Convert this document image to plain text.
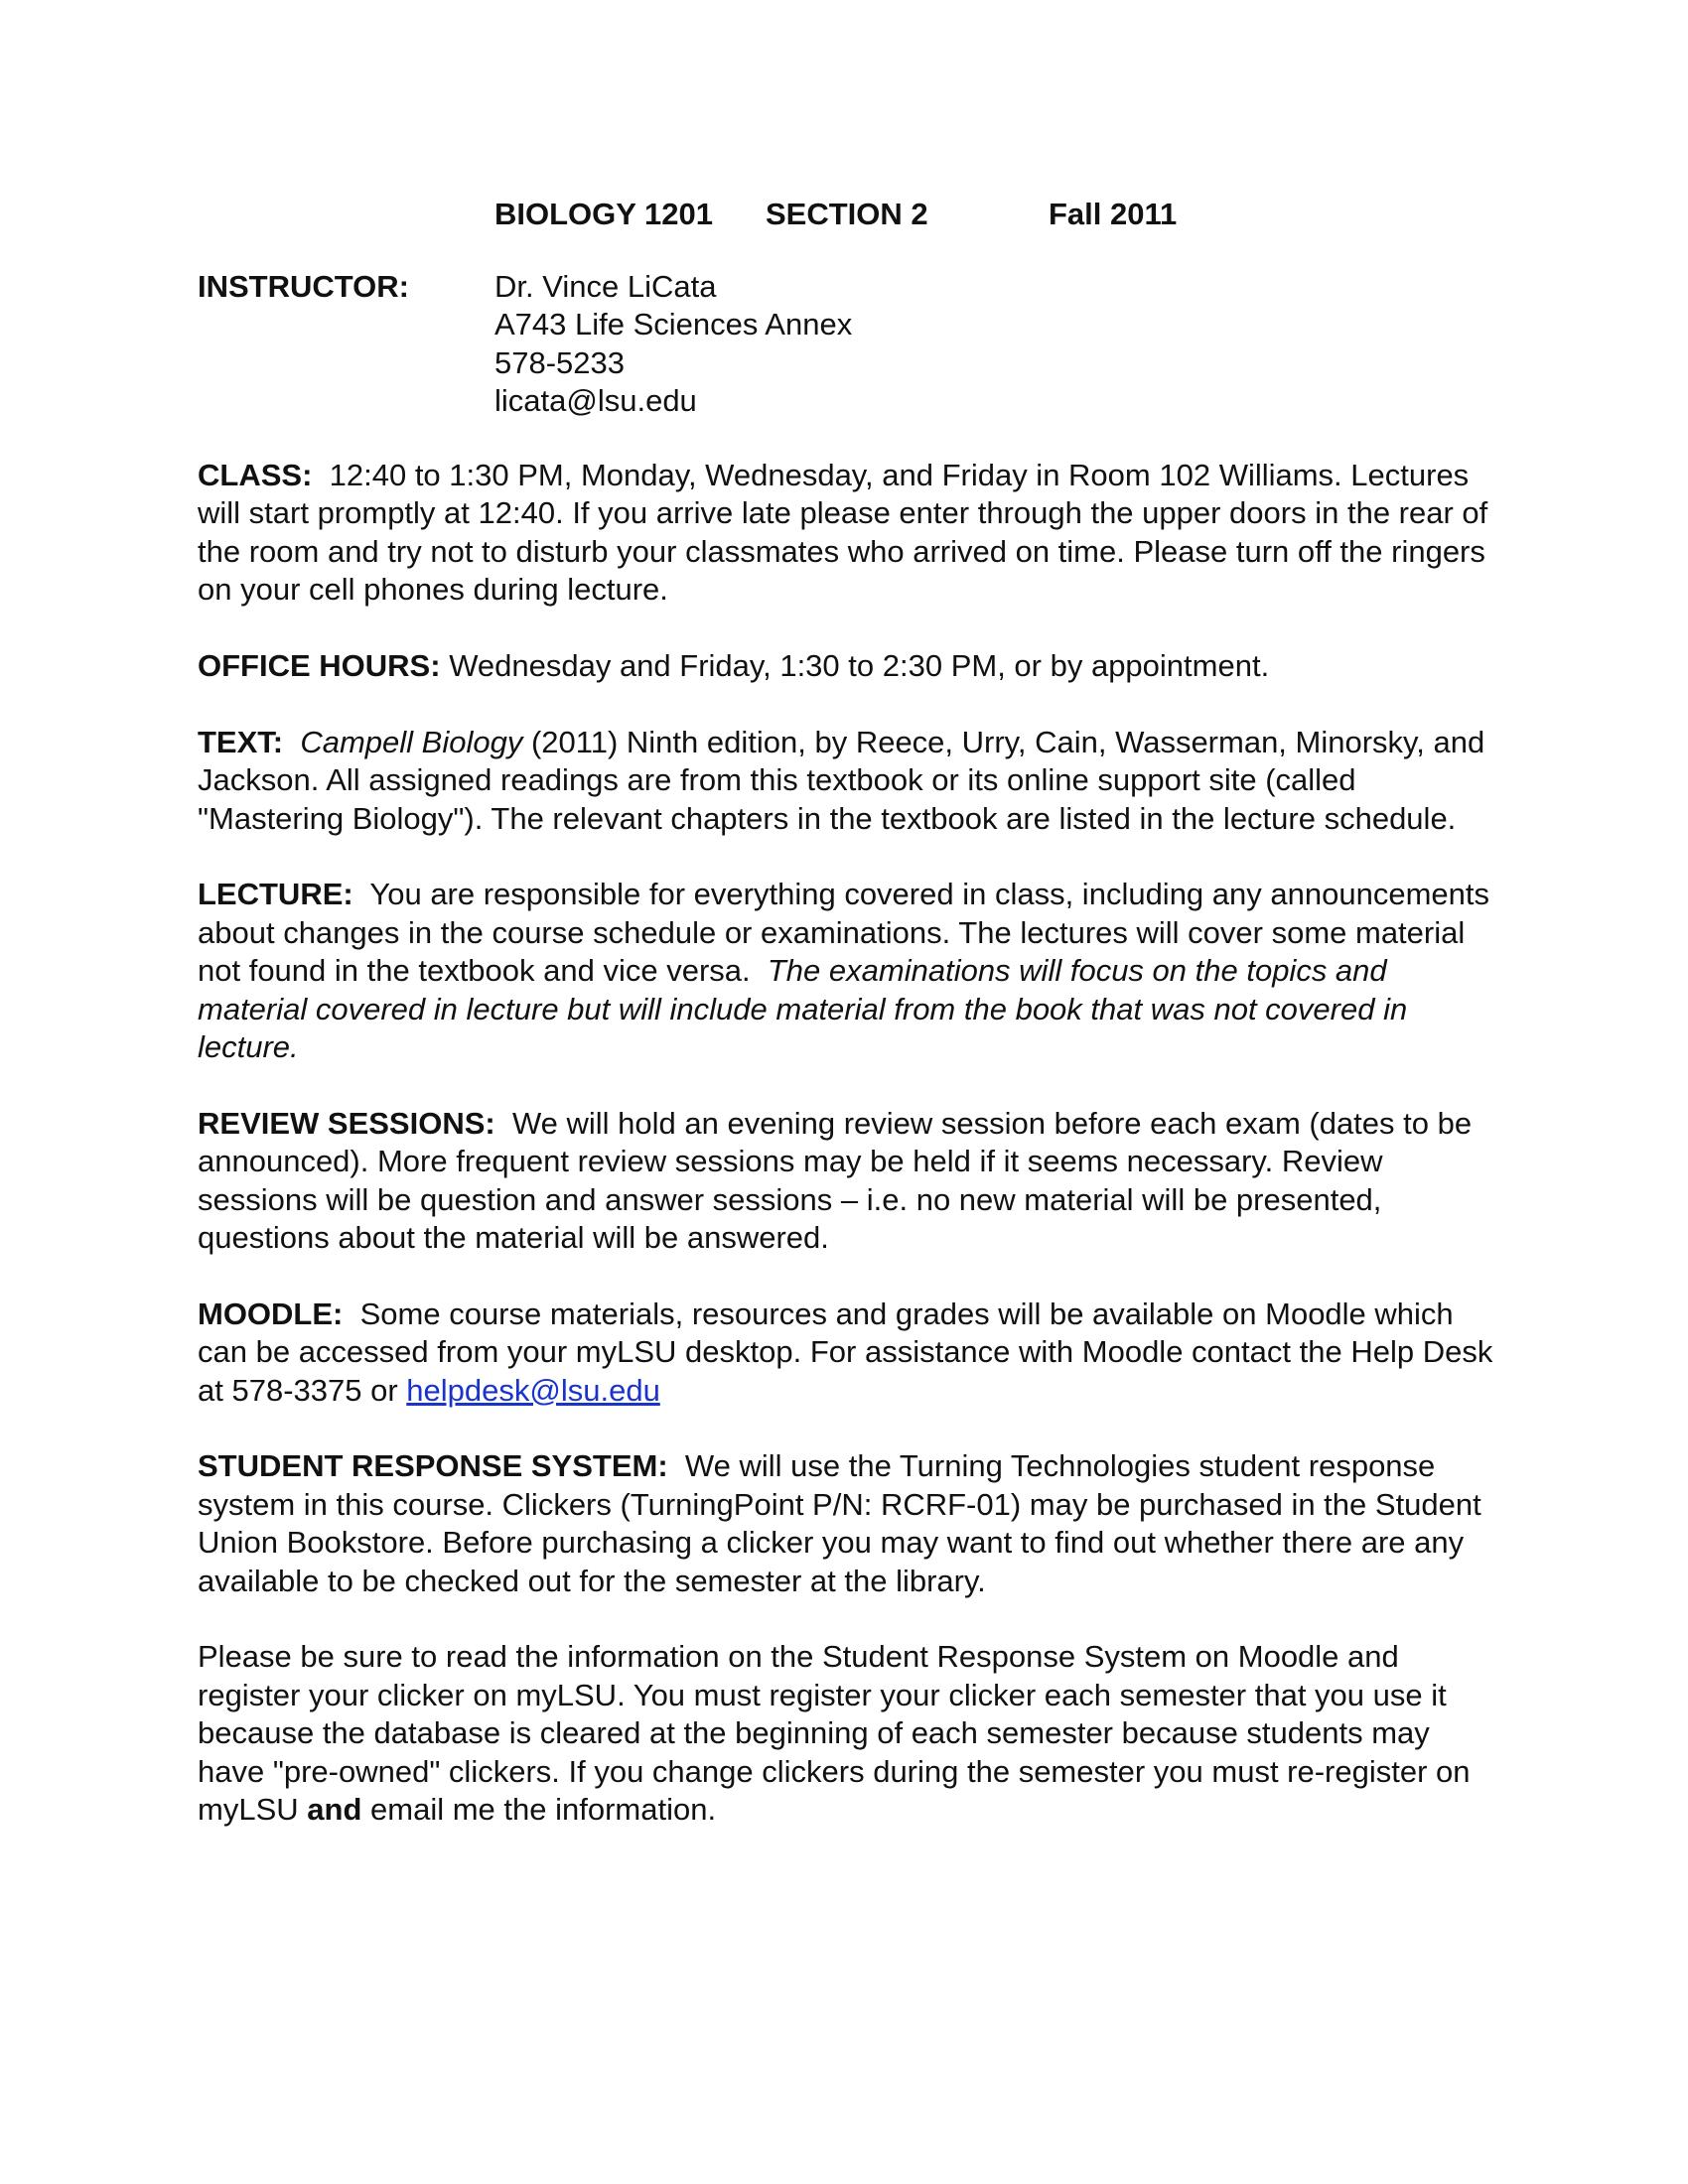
BIOLOGY 1201 SECTION 2	Fall 2011
INSTRUCTOR:	Dr. Vince LiCata
A743 Life Sciences Annex
578-5233
licata@lsu.edu

CLASS: 12:40 to 1:30 PM, Monday, Wednesday, and Friday in Room 102 Williams. Lectures will start promptly at 12:40. If you arrive late please enter through the upper doors in the rear of the room and try not to disturb your classmates who arrived on time. Please turn off the ringers on your cell phones during lecture.

OFFICE HOURS: Wednesday and Friday, 1:30 to 2:30 PM, or by appointment.

TEXT: Campell Biology (2011) Ninth edition, by Reece, Urry, Cain, Wasserman, Minorsky, and Jackson. All assigned readings are from this textbook or its online support site (called "Mastering Biology"). The relevant chapters in the textbook are listed in the lecture schedule.

LECTURE: You are responsible for everything covered in class, including any announcements about changes in the course schedule or examinations. The lectures will cover some material not found in the textbook and vice versa. The examinations will focus on the topics and material covered in lecture but will include material from the book that was not covered in lecture.

REVIEW SESSIONS: We will hold an evening review session before each exam (dates to be announced). More frequent review sessions may be held if it seems necessary. Review sessions will be question and answer sessions – i.e. no new material will be presented, questions about the material will be answered.

MOODLE: Some course materials, resources and grades will be available on Moodle which can be accessed from your myLSU desktop. For assistance with Moodle contact the Help Desk at 578-3375 or helpdesk@lsu.edu

STUDENT RESPONSE SYSTEM: We will use the Turning Technologies student response system in this course. Clickers (TurningPoint P/N: RCRF-01) may be purchased in the Student Union Bookstore. Before purchasing a clicker you may want to find out whether there are any available to be checked out for the semester at the library.

Please be sure to read the information on the Student Response System on Moodle and register your clicker on myLSU. You must register your clicker each semester that you use it because the database is cleared at the beginning of each semester because students may have "pre-owned" clickers. If you change clickers during the semester you must re-register on myLSU and email me the information.
